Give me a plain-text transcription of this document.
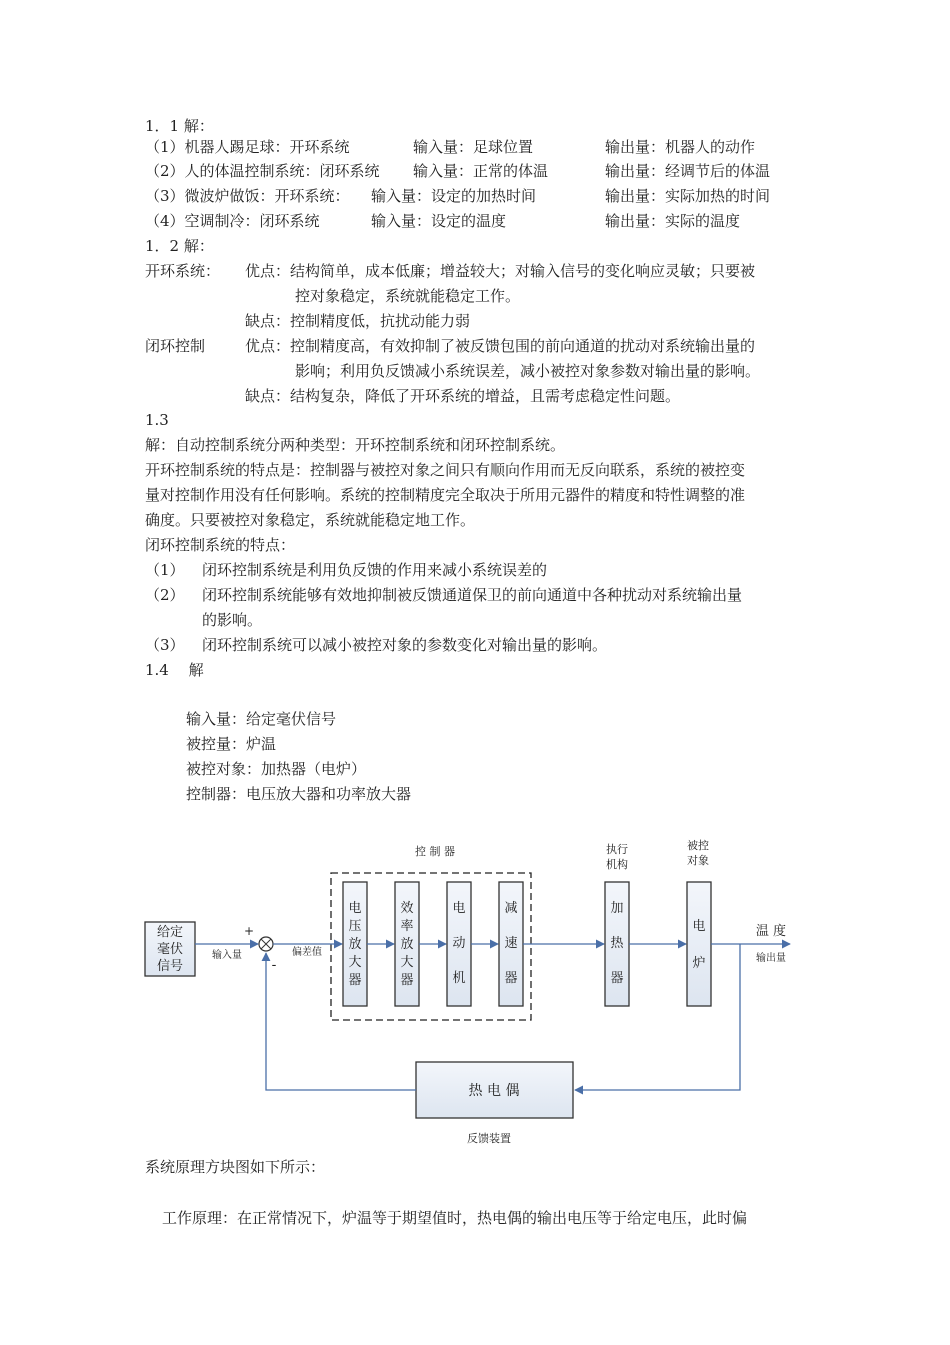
1．1 解：
（1）机器人踢足球：开环系统	输入量：足球位置	输出量：机器人的动作
（2）人的体温控制系统：闭环系统 输入量：正常的体温	输出量：经调节后的体温
（3）微波炉做饭：开环系统： 输入量：设定的加热时间	输出量：实际加热的时间
（4）空调制冷：闭环系统	输入量：设定的温度	输出量：实际的温度
1．2 解：
开环系统： 优点：结构简单，成本低廉；增益较大；对输入信号的变化响应灵敏；只要被
控对象稳定，系统就能稳定工作。
缺点：控制精度低，抗扰动能力弱
闭环控制	优点：控制精度高，有效抑制了被反馈包围的前向通道的扰动对系统输出量的
影响；利用负反馈减小系统误差，减小被控对象参数对输出量的影响。
缺点：结构复杂，降低了开环系统的增益，且需考虑稳定性问题。
1.3
解：自动控制系统分两种类型：开环控制系统和闭环控制系统。
开环控制系统的特点是：控制器与被控对象之间只有顺向作用而无反向联系，系统的被控变
量对控制作用没有任何影响。系统的控制精度完全取决于所用元器件的精度和特性调整的准
确度。只要被控对象稳定，系统就能稳定地工作。
闭环控制系统的特点：
（1） 闭环控制系统是利用负反馈的作用来减小系统误差的
（2） 闭环控制系统能够有效地抑制被反馈通道保卫的前向通道中各种扰动对系统输出量
的影响。
（3） 闭环控制系统可以减小被控对象的参数变化对输出量的影响。
1.4　 解
输入量：给定毫伏信号
被控量：炉温
被控对象：加热器（电炉）
控制器：电压放大器和功率放大器
控 制 器	执行
机构
被控
对象
给定
毫伏
信号
输入量
+
-
偏差值
电
压
放
大
器
效
率
放
大
器
电
动
机
减
速
器
加
热
器
电
炉
温 度
输出量
热 电 偶
反馈装置
系统原理方块图如下所示：
工作原理：在正常情况下，炉温等于期望值时，热电偶的输出电压等于给定电压，此时偏
